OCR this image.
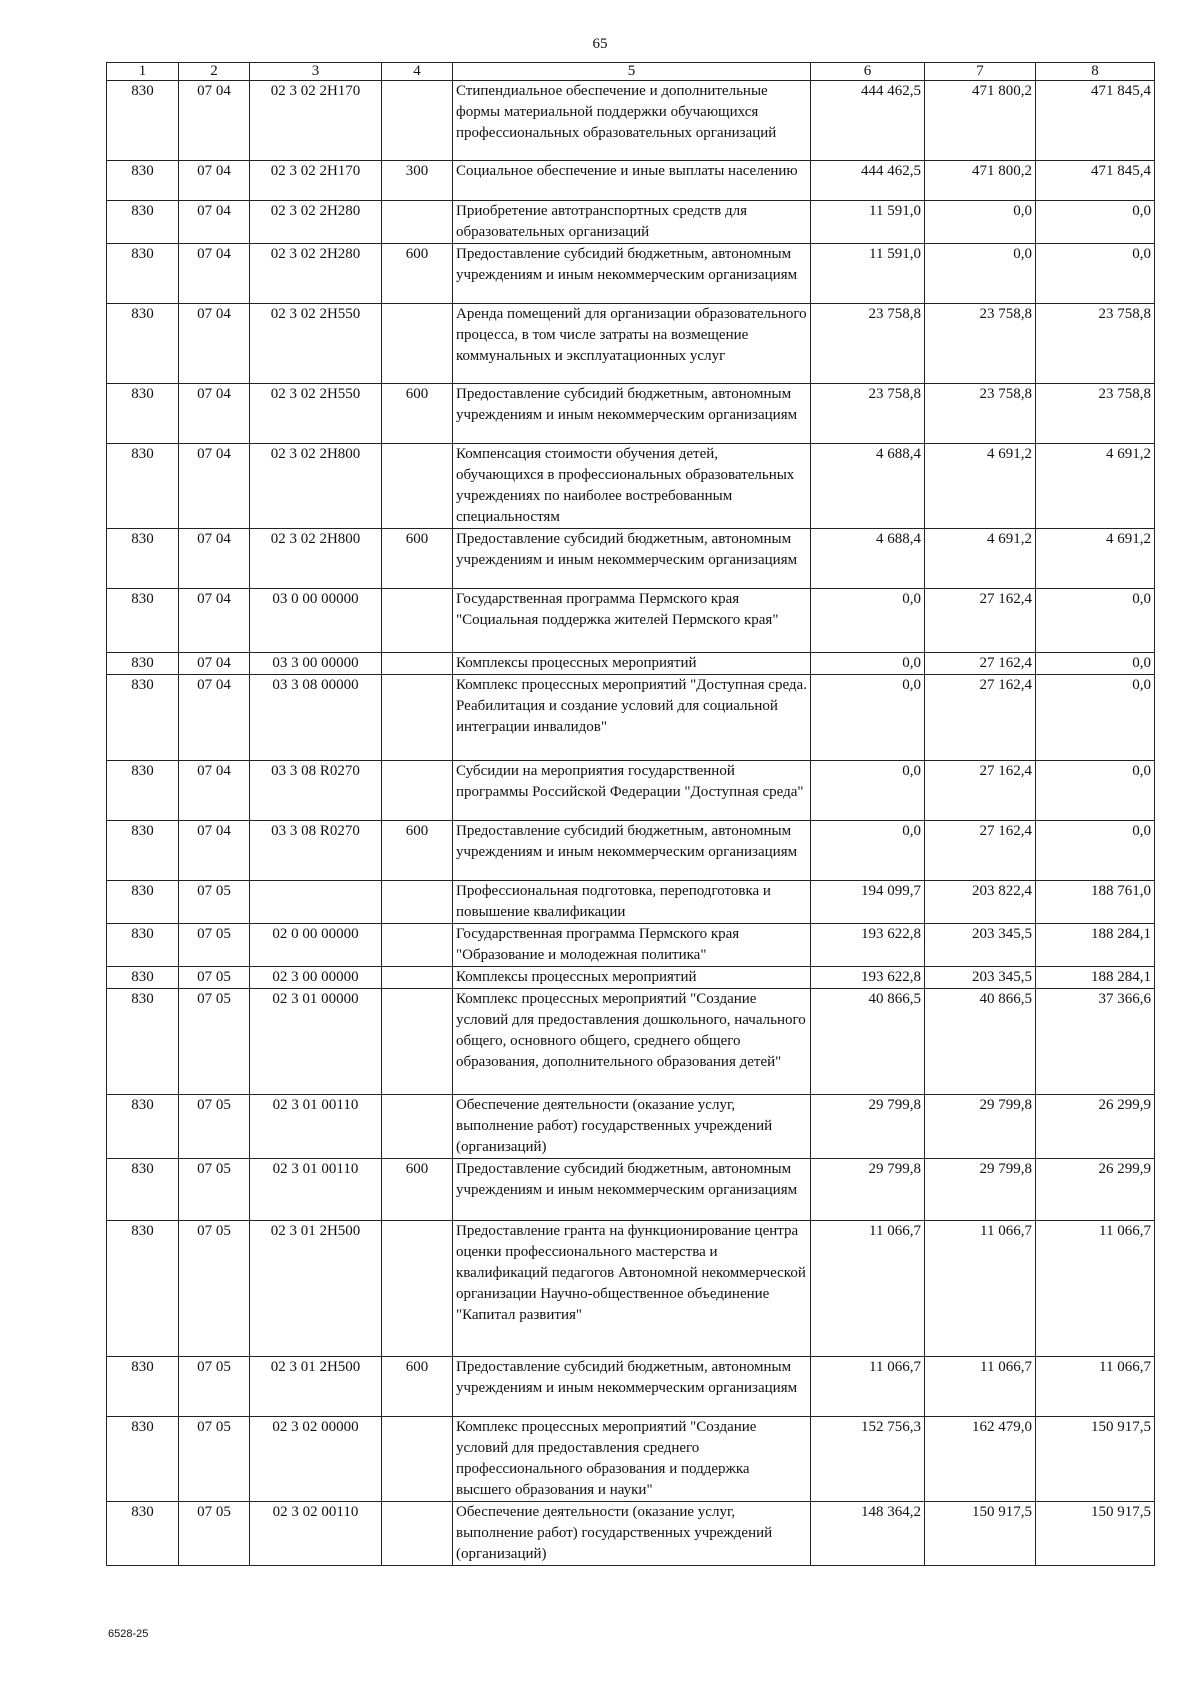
65
1	2	3	4	5	6	7	8
830	07 04	02 3 02 2Н170		Стипендиальное обеспечение и дополнительные формы материальной поддержки обучающихся профессиональных образовательных организаций	444 462,5	471 800,2	471 845,4
830	07 04	02 3 02 2Н170	300	Социальное обеспечение и иные выплаты населению	444 462,5	471 800,2	471 845,4
830	07 04	02 3 02 2Н280		Приобретение автотранспортных средств для образовательных организаций	11 591,0	0,0	0,0
830	07 04	02 3 02 2Н280	600	Предоставление субсидий бюджетным, автономным учреждениям и иным некоммерческим организациям	11 591,0	0,0	0,0
830	07 04	02 3 02 2Н550		Аренда помещений для организации образовательного процесса, в том числе затраты на возмещение коммунальных и эксплуатационных услуг	23 758,8	23 758,8	23 758,8
830	07 04	02 3 02 2Н550	600	Предоставление субсидий бюджетным, автономным учреждениям и иным некоммерческим организациям	23 758,8	23 758,8	23 758,8
830	07 04	02 3 02 2Н800		Компенсация стоимости обучения детей, обучающихся в профессиональных образовательных учреждениях по наиболее востребованным специальностям	4 688,4	4 691,2	4 691,2
830	07 04	02 3 02 2Н800	600	Предоставление субсидий бюджетным, автономным учреждениям и иным некоммерческим организациям	4 688,4	4 691,2	4 691,2
830	07 04	03 0 00 00000		Государственная программа Пермского края "Социальная поддержка жителей Пермского края"	0,0	27 162,4	0,0
830	07 04	03 3 00 00000		Комплексы процессных мероприятий	0,0	27 162,4	0,0
830	07 04	03 3 08 00000		Комплекс процессных мероприятий "Доступная среда. Реабилитация и создание условий для социальной интеграции инвалидов"	0,0	27 162,4	0,0
830	07 04	03 3 08 R0270		Субсидии на мероприятия государственной программы Российской Федерации "Доступная среда"	0,0	27 162,4	0,0
830	07 04	03 3 08 R0270	600	Предоставление субсидий бюджетным, автономным учреждениям и иным некоммерческим организациям	0,0	27 162,4	0,0
830	07 05			Профессиональная подготовка, переподготовка и повышение квалификации	194 099,7	203 822,4	188 761,0
830	07 05	02 0 00 00000		Государственная программа Пермского края "Образование и молодежная политика"	193 622,8	203 345,5	188 284,1
830	07 05	02 3 00 00000		Комплексы процессных мероприятий	193 622,8	203 345,5	188 284,1
830	07 05	02 3 01 00000		Комплекс процессных мероприятий "Создание условий для предоставления дошкольного, начального общего, основного общего, среднего общего образования, дополнительного образования детей"	40 866,5	40 866,5	37 366,6
830	07 05	02 3 01 00110		Обеспечение деятельности (оказание услуг, выполнение работ) государственных учреждений (организаций)	29 799,8	29 799,8	26 299,9
830	07 05	02 3 01 00110	600	Предоставление субсидий бюджетным, автономным учреждениям и иным некоммерческим организациям	29 799,8	29 799,8	26 299,9
830	07 05	02 3 01 2Н500		Предоставление гранта на функционирование центра оценки профессионального мастерства и квалификаций педагогов Автономной некоммерческой организации Научно-общественное объединение "Капитал развития"	11 066,7	11 066,7	11 066,7
830	07 05	02 3 01 2Н500	600	Предоставление субсидий бюджетным, автономным учреждениям и иным некоммерческим организациям	11 066,7	11 066,7	11 066,7
830	07 05	02 3 02 00000		Комплекс процессных мероприятий "Создание условий для предоставления среднего профессионального образования и поддержка высшего образования и науки"	152 756,3	162 479,0	150 917,5
830	07 05	02 3 02 00110		Обеспечение деятельности (оказание услуг, выполнение работ) государственных учреждений (организаций)	148 364,2	150 917,5	150 917,5
6528-25
